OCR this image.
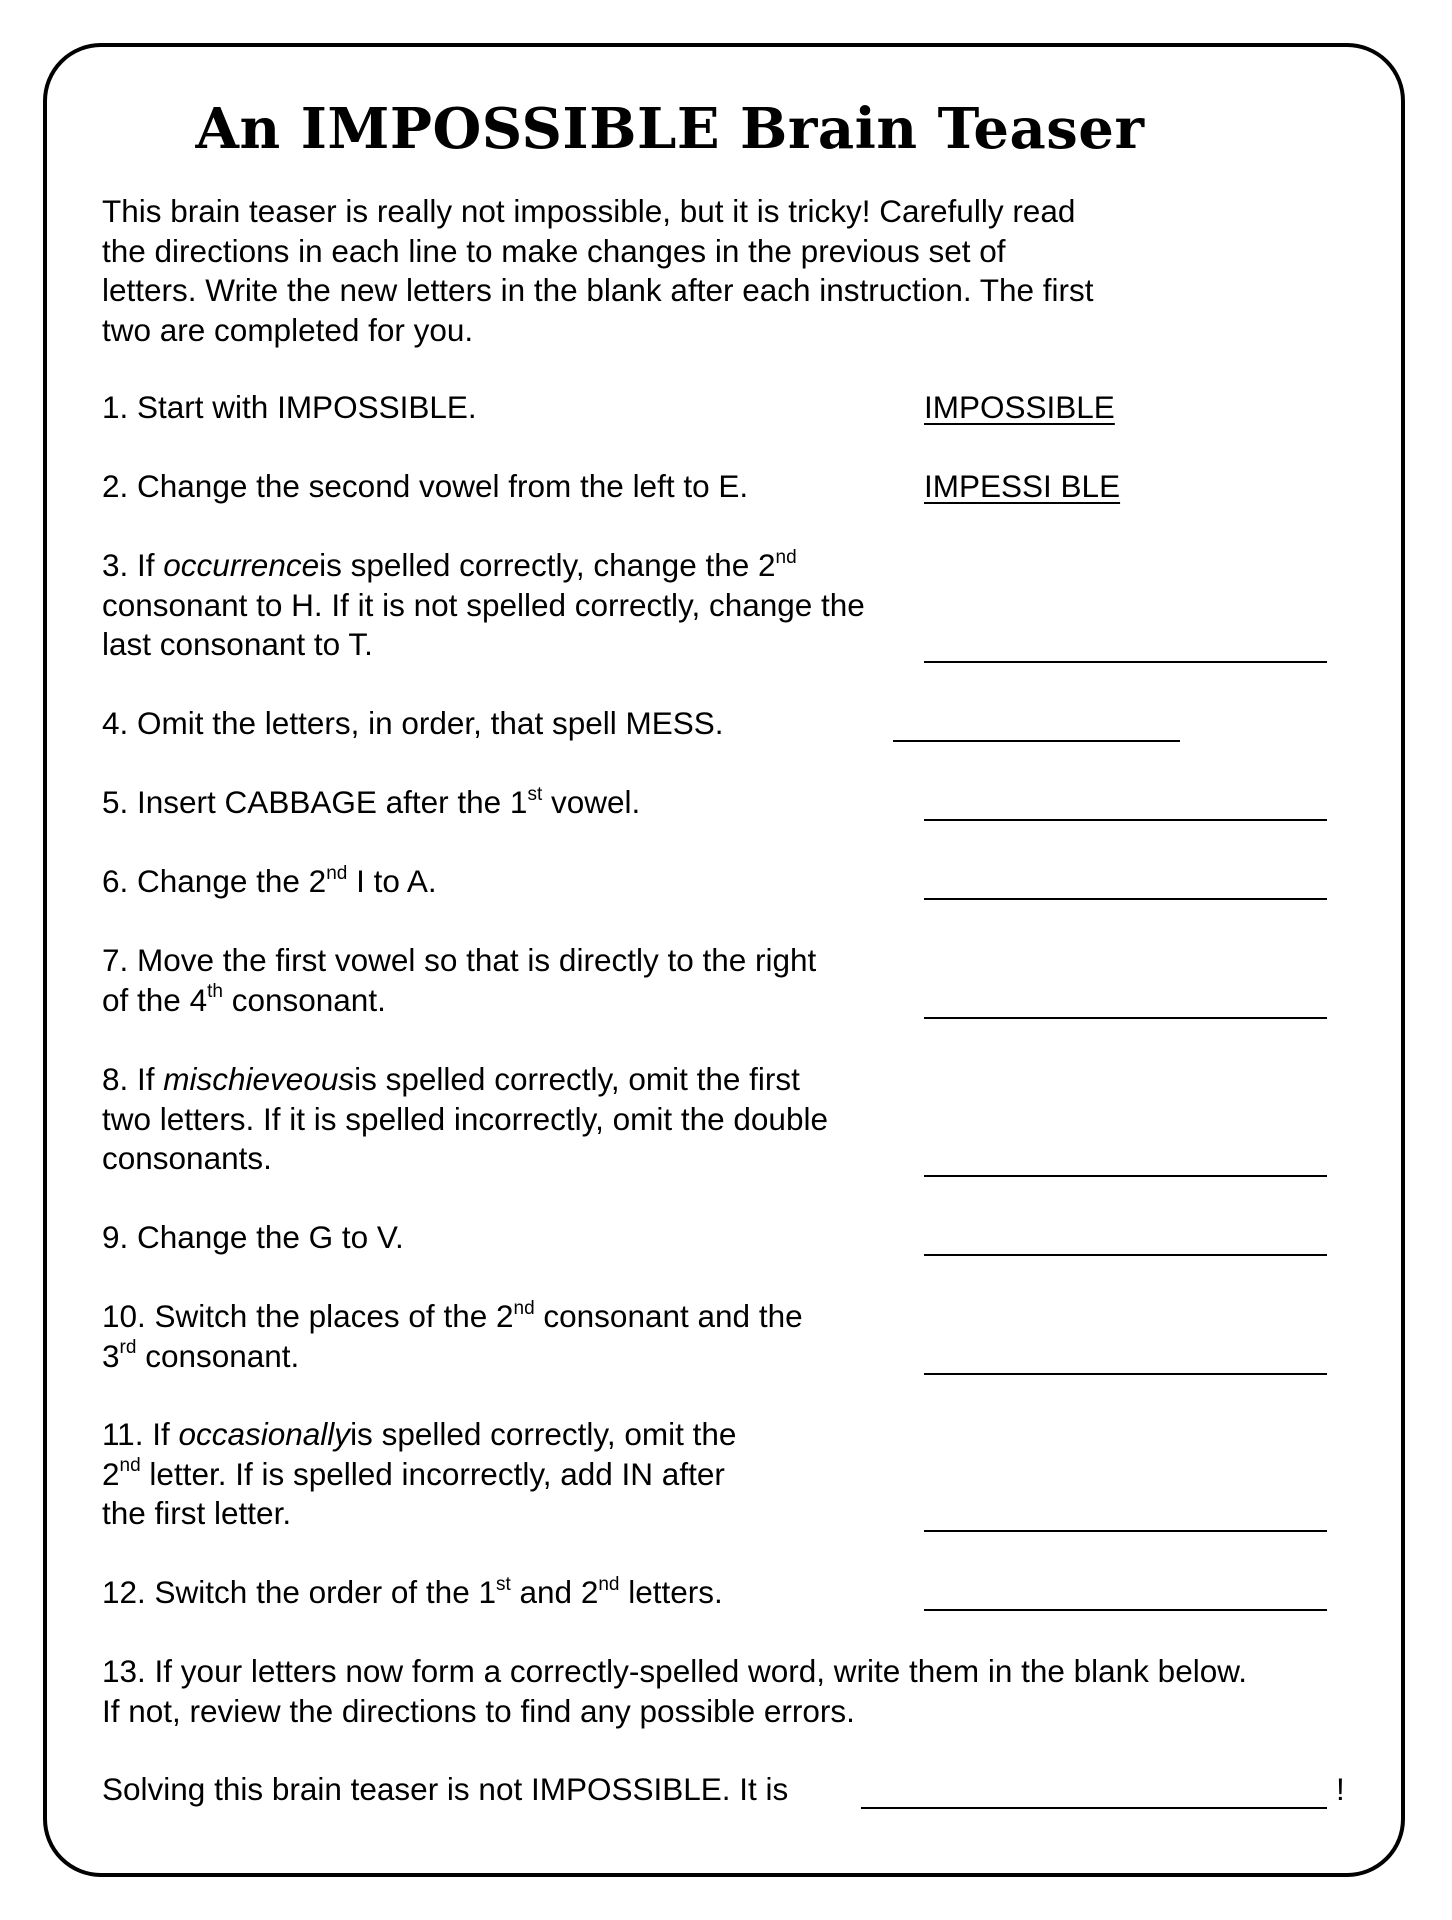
An IMPOSSIBLE Brain Teaser
This brain teaser is really not impossible, but it is tricky! Carefully read
the directions in each line to make changes in the previous set of
letters. Write the new letters in the blank after each instruction. The first
two are completed for you.
1. Start with IMPOSSIBLE.	IMPOSSIBLE
2. Change the second vowel from the left to E.	IMPESSI BLE
3. If occurrenceis spelled correctly, change the 2nd
consonant to H. If it is not spelled correctly, change the
last consonant to T.
4. Omit the letters, in order, that spell MESS.
5. Insert CABBAGE after the 1st vowel.
6. Change the 2nd I to A.
7. Move the first vowel so that is directly to the right
of the 4th consonant.
8. If mischieveousis spelled correctly, omit the first
two letters. If it is spelled incorrectly, omit the double
consonants.
9. Change the G to V.
10. Switch the places of the 2nd consonant and the
3rd consonant.
11. If occasionallyis spelled correctly, omit the
2nd letter. If is spelled incorrectly, add IN after
the first letter.
12. Switch the order of the 1st and 2nd letters.
13. If your letters now form a correctly-spelled word, write them in the blank below.
If not, review the directions to find any possible errors.
Solving this brain teaser is not IMPOSSIBLE. It is	!
